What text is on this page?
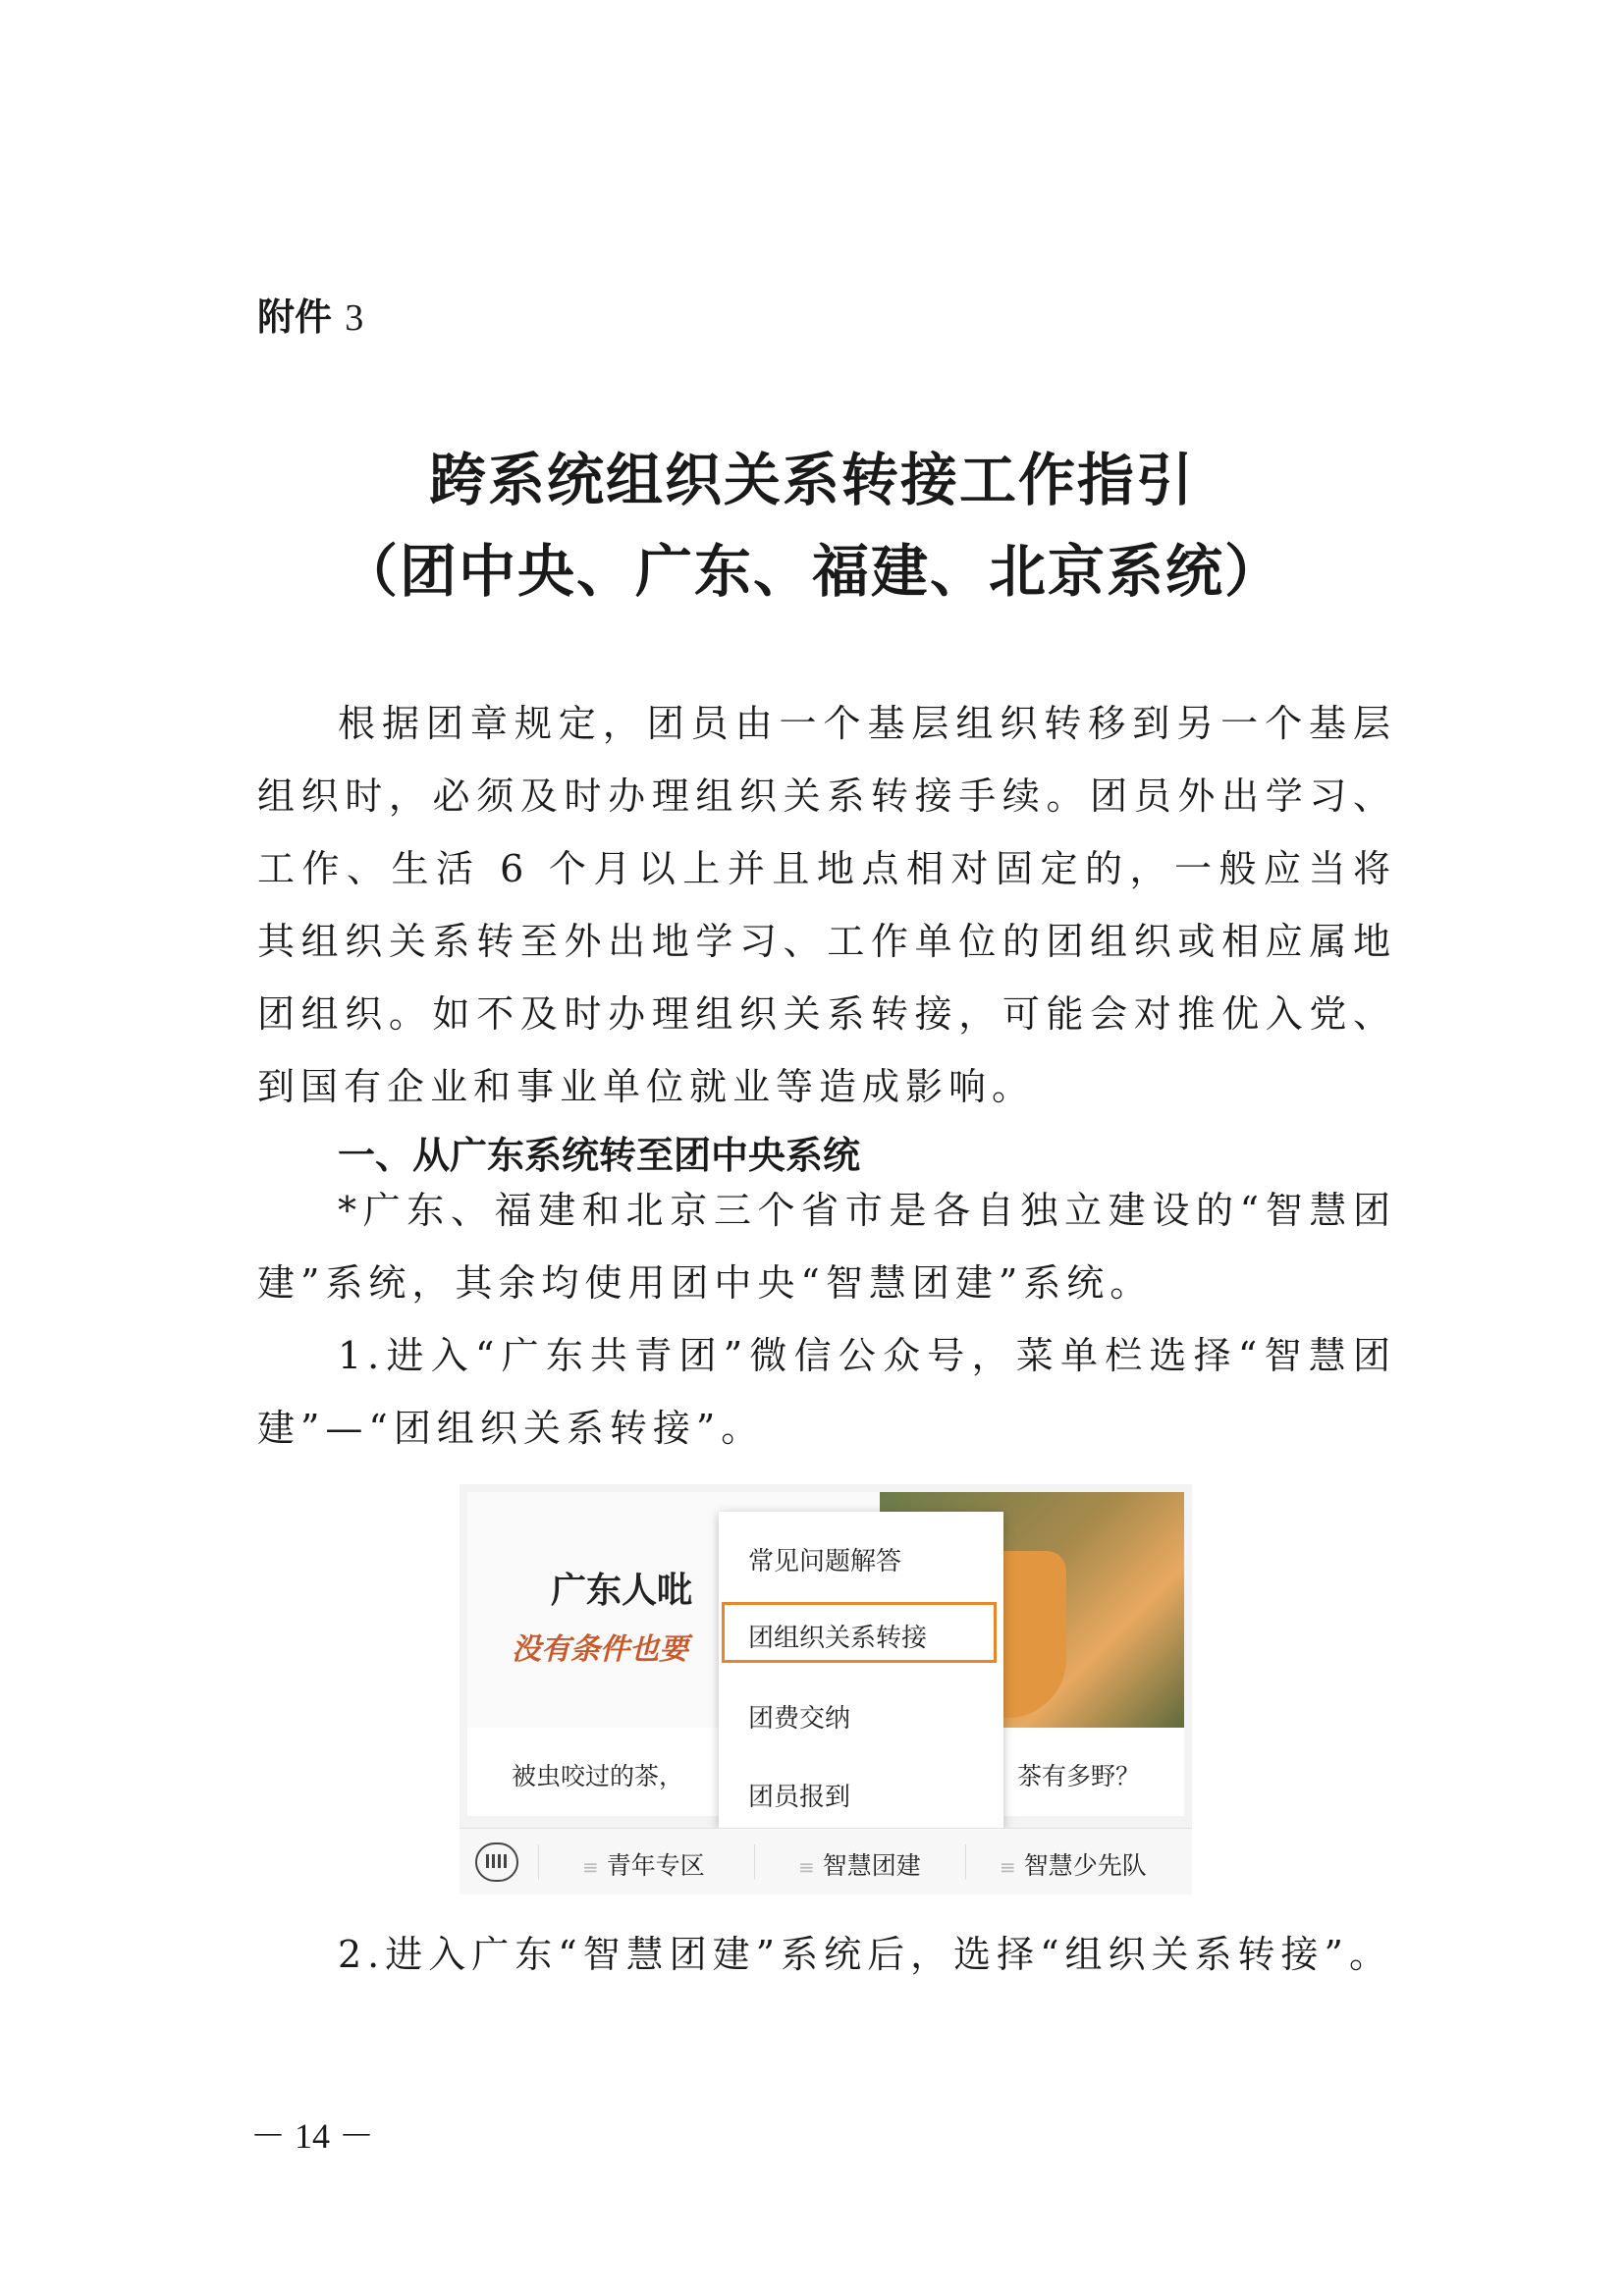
附件 3
跨系统组织关系转接工作指引
（团中央、广东、福建、北京系统）
根据团章规定，团员由一个基层组织转移到另一个基层组织时，必须及时办理组织关系转接手续。团员外出学习、工作、生活 6 个月以上并且地点相对固定的，一般应当将其组织关系转至外出地学习、工作单位的团组织或相应属地团组织。如不及时办理组织关系转接，可能会对推优入党、到国有企业和事业单位就业等造成影响。
一、从广东系统转至团中央系统
*广东、福建和北京三个省市是各自独立建设的“智慧团建”系统，其余均使用团中央“智慧团建”系统。
1.进入“广东共青团”微信公众号，菜单栏选择“智慧团建”—“团组织关系转接”。
广东人吡
没有条件也要
被虫咬过的茶，	茶有多野？
常见问题解答
团组织关系转接
团费交纳
团员报到
≡ 青年专区	≡ 智慧团建	≡ 智慧少先队
2.进入广东“智慧团建”系统后，选择“组织关系转接”。
－ 14 －
